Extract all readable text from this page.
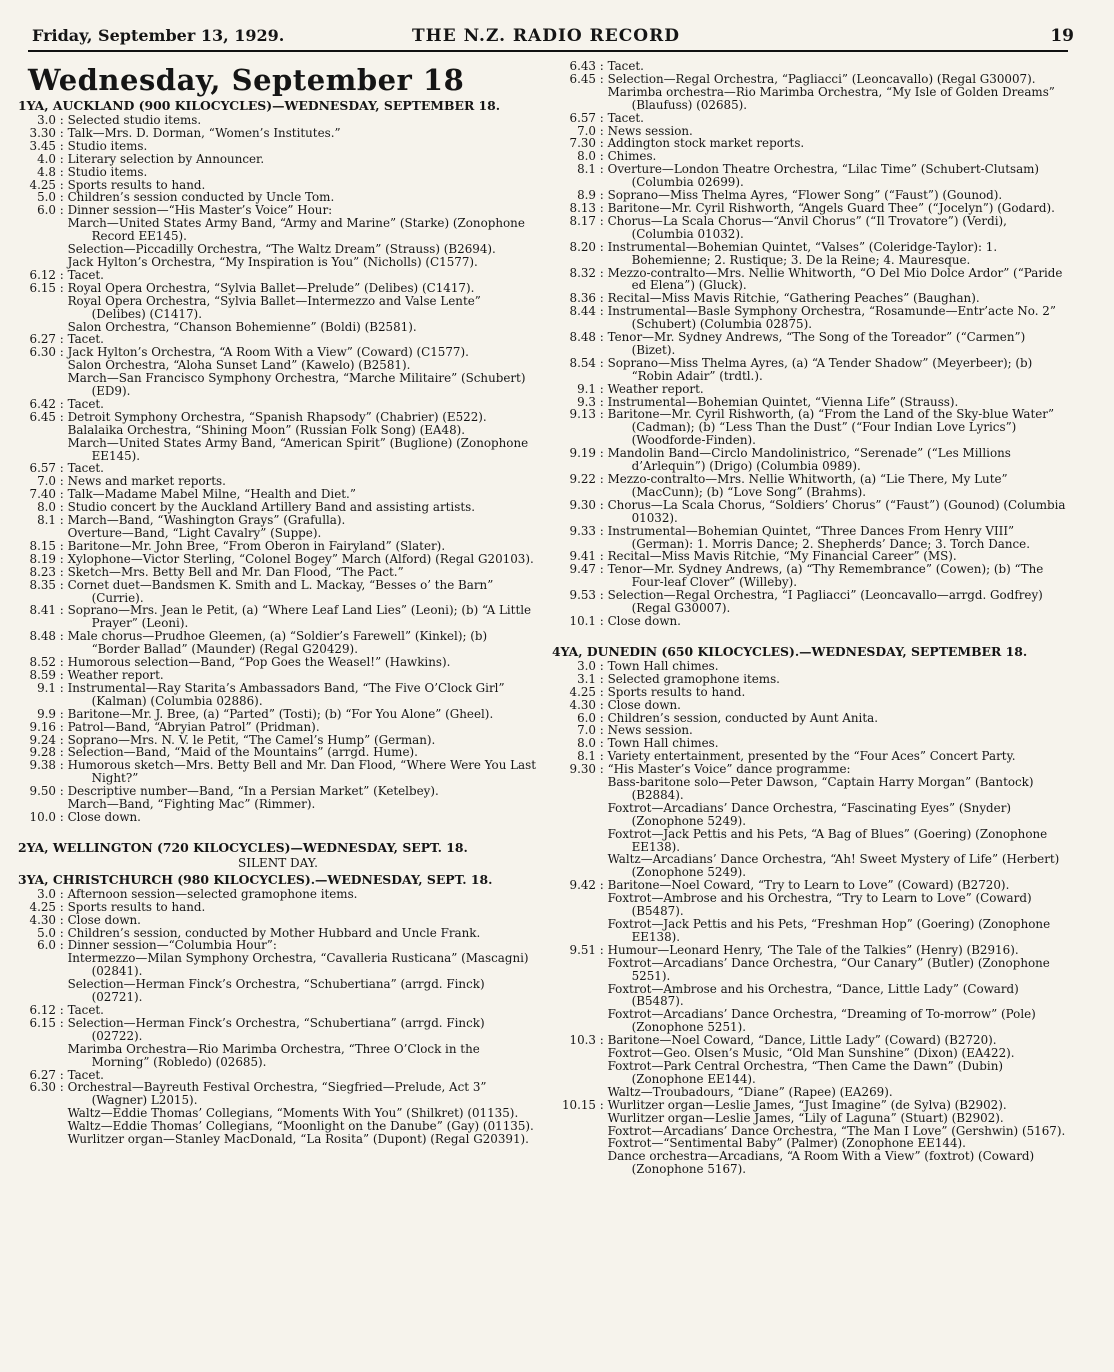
Friday, September 13, 1929.	THE N.Z. RADIO RECORD	19
Wednesday, September 18
1YA, AUCKLAND (900 KILOCYCLES)—WEDNESDAY, SEPTEMBER 18.
3.0 : Selected studio items.
3.30 : Talk—Mrs. D. Dorman, “Women’s Institutes.”
3.45 : Studio items.
4.0 : Literary selection by Announcer.
4.8 : Studio items.
4.25 : Sports results to hand.
5.0 : Children’s session conducted by Uncle Tom.
6.0 : Dinner session—“His Master’s Voice” Hour:
March—United States Army Band, “Army and Marine” (Starke) (Zonophone Record EE145).
Selection—Piccadilly Orchestra, “The Waltz Dream” (Strauss) (B2694).
Jack Hylton’s Orchestra, “My Inspiration is You” (Nicholls) (C1577).
6.12 : Tacet.
6.15 : Royal Opera Orchestra, “Sylvia Ballet—Prelude” (Delibes) (C1417).
Royal Opera Orchestra, “Sylvia Ballet—Intermezzo and Valse Lente” (Delibes) (C1417).
Salon Orchestra, “Chanson Bohemienne” (Boldi) (B2581).
6.27 : Tacet.
6.30 : Jack Hylton’s Orchestra, “A Room With a View” (Coward) (C1577).
Salon Orchestra, “Aloha Sunset Land” (Kawelo) (B2581).
March—San Francisco Symphony Orchestra, “Marche Militaire” (Schubert) (ED9).
6.42 : Tacet.
6.45 : Detroit Symphony Orchestra, “Spanish Rhapsody” (Chabrier) (E522).
Balalaika Orchestra, “Shining Moon” (Russian Folk Song) (EA48).
March—United States Army Band, “American Spirit” (Buglione) (Zonophone EE145).
6.57 : Tacet.
7.0 : News and market reports.
7.40 : Talk—Madame Mabel Milne, “Health and Diet.”
8.0 : Studio concert by the Auckland Artillery Band and assisting artists.
8.1 : March—Band, “Washington Grays” (Grafulla).
Overture—Band, “Light Cavalry” (Suppe).
8.15 : Baritone—Mr. John Bree, “From Oberon in Fairyland” (Slater).
8.19 : Xylophone—Victor Sterling, “Colonel Bogey” March (Alford) (Regal G20103).
8.23 : Sketch—Mrs. Betty Bell and Mr. Dan Flood, “The Pact.”
8.35 : Cornet duet—Bandsmen K. Smith and L. Mackay, “Besses o’ the Barn” (Currie).
8.41 : Soprano—Mrs. Jean le Petit, (a) “Where Leaf Land Lies” (Leoni); (b) “A Little Prayer” (Leoni).
8.48 : Male chorus—Prudhoe Gleemen, (a) “Soldier’s Farewell” (Kinkel); (b) “Border Ballad” (Maunder) (Regal G20429).
8.52 : Humorous selection—Band, “Pop Goes the Weasel!” (Hawkins).
8.59 : Weather report.
9.1 : Instrumental—Ray Starita’s Ambassadors Band, “The Five O’Clock Girl” (Kalman) (Columbia 02886).
9.9 : Baritone—Mr. J. Bree, (a) “Parted” (Tosti); (b) “For You Alone” (Gheel).
9.16 : Patrol—Band, “Abryian Patrol” (Pridman).
9.24 : Soprano—Mrs. N. V. le Petit, “The Camel’s Hump” (German).
9.28 : Selection—Band, “Maid of the Mountains” (arrgd. Hume).
9.38 : Humorous sketch—Mrs. Betty Bell and Mr. Dan Flood, “Where Were You Last Night?”
9.50 : Descriptive number—Band, “In a Persian Market” (Ketelbey).
March—Band, “Fighting Mac” (Rimmer).
10.0 : Close down.
2YA, WELLINGTON (720 KILOCYCLES)—WEDNESDAY, SEPT. 18.
SILENT DAY.
3YA, CHRISTCHURCH (980 KILOCYCLES).—WEDNESDAY, SEPT. 18.
3.0 : Afternoon session—selected gramophone items.
4.25 : Sports results to hand.
4.30 : Close down.
5.0 : Children’s session, conducted by Mother Hubbard and Uncle Frank.
6.0 : Dinner session—“Columbia Hour”:
Intermezzo—Milan Symphony Orchestra, “Cavalleria Rusticana” (Mascagni) (02841).
Selection—Herman Finck’s Orchestra, “Schubertiana” (arrgd. Finck) (02721).
6.12 : Tacet.
6.15 : Selection—Herman Finck’s Orchestra, “Schubertiana” (arrgd. Finck) (02722).
Marimba Orchestra—Rio Marimba Orchestra, “Three O’Clock in the Morning” (Robledo) (02685).
6.27 : Tacet.
6.30 : Orchestral—Bayreuth Festival Orchestra, “Siegfried—Prelude, Act 3” (Wagner) L2015).
Waltz—Eddie Thomas’ Collegians, “Moments With You” (Shilkret) (01135).
Waltz—Eddie Thomas’ Collegians, “Moonlight on the Danube” (Gay) (01135).
Wurlitzer organ—Stanley MacDonald, “La Rosita” (Dupont) (Regal G20391).
6.43 : Tacet.
6.45 : Selection—Regal Orchestra, “Pagliacci” (Leoncavallo) (Regal G30007).
Marimba orchestra—Rio Marimba Orchestra, “My Isle of Golden Dreams” (Blaufuss) (02685).
6.57 : Tacet.
7.0 : News session.
7.30 : Addington stock market reports.
8.0 : Chimes.
8.1 : Overture—London Theatre Orchestra, “Lilac Time” (Schubert-Clutsam) (Columbia 02699).
8.9 : Soprano—Miss Thelma Ayres, “Flower Song” (“Faust”) (Gounod).
8.13 : Baritone—Mr. Cyril Rishworth, “Angels Guard Thee” (“Jocelyn”) (Godard).
8.17 : Chorus—La Scala Chorus—“Anvil Chorus” (“Il Trovatore”) (Verdi), (Columbia 01032).
8.20 : Instrumental—Bohemian Quintet, “Valses” (Coleridge-Taylor): 1. Bohemienne; 2. Rustique; 3. De la Reine; 4. Mauresque.
8.32 : Mezzo-contralto—Mrs. Nellie Whitworth, “O Del Mio Dolce Ardor” (“Paride ed Elena”) (Gluck).
8.36 : Recital—Miss Mavis Ritchie, “Gathering Peaches” (Baughan).
8.44 : Instrumental—Basle Symphony Orchestra, “Rosamunde—Entr’acte No. 2” (Schubert) (Columbia 02875).
8.48 : Tenor—Mr. Sydney Andrews, “The Song of the Toreador” (“Carmen”) (Bizet).
8.54 : Soprano—Miss Thelma Ayres, (a) “A Tender Shadow” (Meyerbeer); (b) “Robin Adair” (trdtl.).
9.1 : Weather report.
9.3 : Instrumental—Bohemian Quintet, “Vienna Life” (Strauss).
9.13 : Baritone—Mr. Cyril Rishworth, (a) “From the Land of the Sky-blue Water” (Cadman); (b) “Less Than the Dust” (“Four Indian Love Lyrics”) (Woodforde-Finden).
9.19 : Mandolin Band—Circlo Mandolinistrico, “Serenade” (“Les Millions d’Arlequin”) (Drigo) (Columbia 0989).
9.22 : Mezzo-contralto—Mrs. Nellie Whitworth, (a) “Lie There, My Lute” (MacCunn); (b) “Love Song” (Brahms).
9.30 : Chorus—La Scala Chorus, “Soldiers’ Chorus” (“Faust”) (Gounod) (Columbia 01032).
9.33 : Instrumental—Bohemian Quintet, “Three Dances From Henry VIII” (German): 1. Morris Dance; 2. Shepherds’ Dance; 3. Torch Dance.
9.41 : Recital—Miss Mavis Ritchie, “My Financial Career” (MS).
9.47 : Tenor—Mr. Sydney Andrews, (a) “Thy Remembrance” (Cowen); (b) “The Four-leaf Clover” (Willeby).
9.53 : Selection—Regal Orchestra, “I Pagliacci” (Leoncavallo—arrgd. Godfrey) (Regal G30007).
10.1 : Close down.
4YA, DUNEDIN (650 KILOCYCLES).—WEDNESDAY, SEPTEMBER 18.
3.0 : Town Hall chimes.
3.1 : Selected gramophone items.
4.25 : Sports results to hand.
4.30 : Close down.
6.0 : Children’s session, conducted by Aunt Anita.
7.0 : News session.
8.0 : Town Hall chimes.
8.1 : Variety entertainment, presented by the “Four Aces” Concert Party.
9.30 : “His Master’s Voice” dance programme:
Bass-baritone solo—Peter Dawson, “Captain Harry Morgan” (Bantock) (B2884).
Foxtrot—Arcadians’ Dance Orchestra, “Fascinating Eyes” (Snyder) (Zonophone 5249).
Foxtrot—Jack Pettis and his Pets, “A Bag of Blues” (Goering) (Zonophone EE138).
Waltz—Arcadians’ Dance Orchestra, “Ah! Sweet Mystery of Life” (Herbert) (Zonophone 5249).
9.42 : Baritone—Noel Coward, “Try to Learn to Love” (Coward) (B2720).
Foxtrot—Ambrose and his Orchestra, “Try to Learn to Love” (Coward) (B5487).
Foxtrot—Jack Pettis and his Pets, “Freshman Hop” (Goering) (Zonophone EE138).
9.51 : Humour—Leonard Henry, ‘The Tale of the Talkies” (Henry) (B2916).
Foxtrot—Arcadians’ Dance Orchestra, “Our Canary” (Butler) (Zonophone 5251).
Foxtrot—Ambrose and his Orchestra, “Dance, Little Lady” (Coward) (B5487).
Foxtrot—Arcadians’ Dance Orchestra, “Dreaming of To-morrow” (Pole) (Zonophone 5251).
10.3 : Baritone—Noel Coward, “Dance, Little Lady” (Coward) (B2720).
Foxtrot—Geo. Olsen’s Music, “Old Man Sunshine” (Dixon) (EA422).
Foxtrot—Park Central Orchestra, “Then Came the Dawn” (Dubin) (Zonophone EE144).
Waltz—Troubadours, “Diane” (Rapee) (EA269).
10.15 : Wurlitzer organ—Leslie James, “Just Imagine” (de Sylva) (B2902).
Wurlitzer organ—Leslie James, “Lily of Laguna” (Stuart) (B2902).
Foxtrot—Arcadians’ Dance Orchestra, “The Man I Love” (Gershwin) (5167).
Foxtrot—“Sentimental Baby” (Palmer) (Zonophone EE144).
Dance orchestra—Arcadians, “A Room With a View” (foxtrot) (Coward) (Zonophone 5167).
